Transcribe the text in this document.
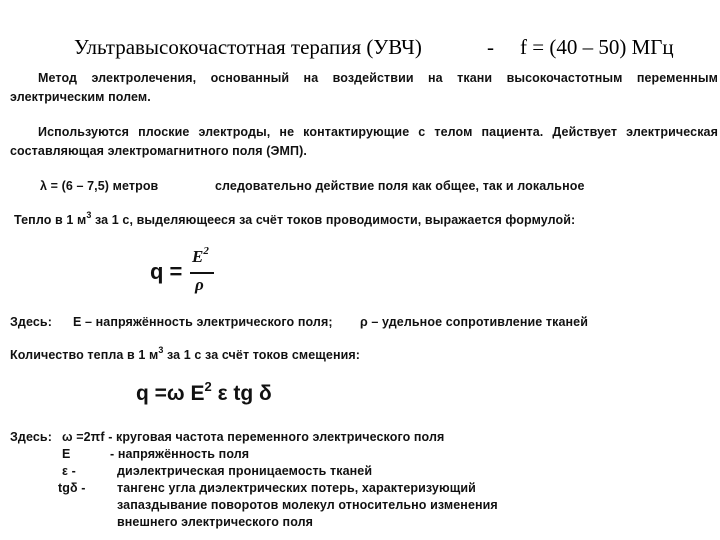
Ультравысокочастотная терапия (УВЧ)	- f = (40 – 50) МГц
Метод электролечения, основанный на воздействии на ткани высокочастотным переменным
электрическим полем.
Используются плоские электроды, не контактирующие с телом пациента. Действует электрическая
составляющая электромагнитного поля (ЭМП).
λ = (6 – 7,5) метров	следовательно действие поля как общее, так и локальное
Тепло в 1 $м^3$ за 1 с, выделяющееся за счёт токов проводимости, выражается формулой:
q =
$E^2$
ρ
Здесь: Е – напряжённость электрического поля; ρ – удельное сопротивление тканей
Количество тепла в 1 $м^3$ за 1 с за счёт токов смещения:
q =ω $E^2$ ε tg δ
Здесь: ω =2πf - круговая частота переменного электрического поля
E	- напряжённость поля
ε -	диэлектрическая проницаемость тканей
tgδ -	тангенс угла диэлектрических потерь, характеризующий
запаздывание поворотов молекул относительно изменения
внешнего электрического поля
